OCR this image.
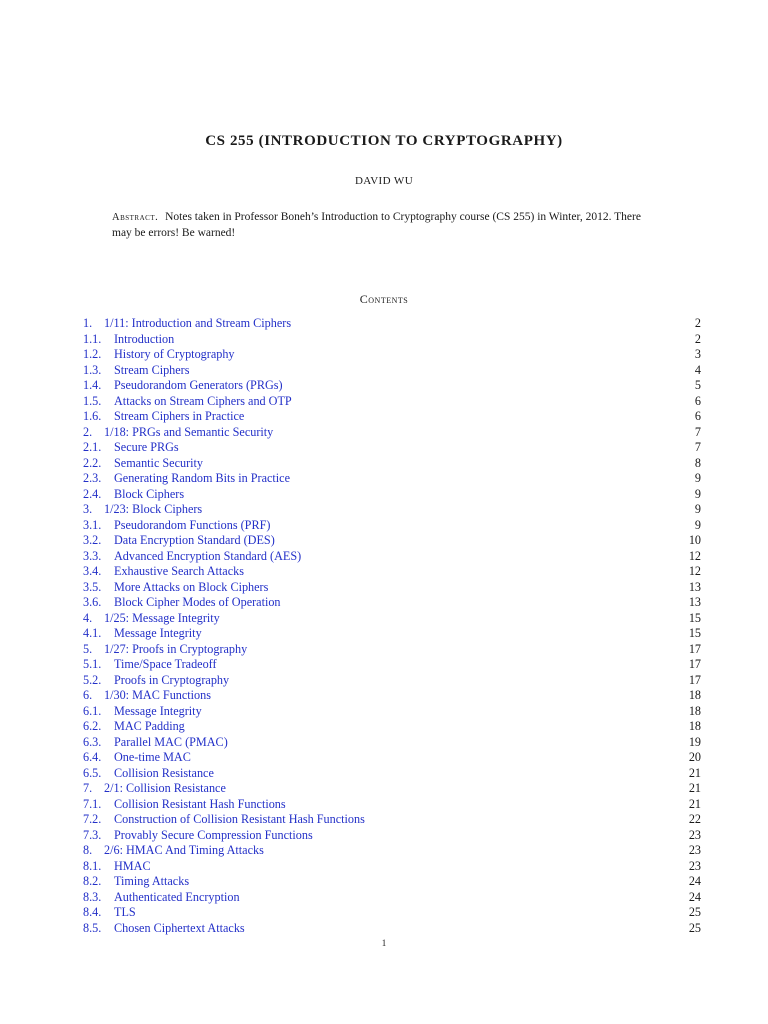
CS 255 (INTRODUCTION TO CRYPTOGRAPHY)
DAVID WU
Abstract. Notes taken in Professor Boneh’s Introduction to Cryptography course (CS 255) in Winter, 2012. There may be errors! Be warned!
Contents
1. 1/11: Introduction and Stream Ciphers	2
1.1. Introduction	2
1.2. History of Cryptography	3
1.3. Stream Ciphers	4
1.4. Pseudorandom Generators (PRGs)	5
1.5. Attacks on Stream Ciphers and OTP	6
1.6. Stream Ciphers in Practice	6
2. 1/18: PRGs and Semantic Security	7
2.1. Secure PRGs	7
2.2. Semantic Security	8
2.3. Generating Random Bits in Practice	9
2.4. Block Ciphers	9
3. 1/23: Block Ciphers	9
3.1. Pseudorandom Functions (PRF)	9
3.2. Data Encryption Standard (DES)	10
3.3. Advanced Encryption Standard (AES)	12
3.4. Exhaustive Search Attacks	12
3.5. More Attacks on Block Ciphers	13
3.6. Block Cipher Modes of Operation	13
4. 1/25: Message Integrity	15
4.1. Message Integrity	15
5. 1/27: Proofs in Cryptography	17
5.1. Time/Space Tradeoff	17
5.2. Proofs in Cryptography	17
6. 1/30: MAC Functions	18
6.1. Message Integrity	18
6.2. MAC Padding	18
6.3. Parallel MAC (PMAC)	19
6.4. One-time MAC	20
6.5. Collision Resistance	21
7. 2/1: Collision Resistance	21
7.1. Collision Resistant Hash Functions	21
7.2. Construction of Collision Resistant Hash Functions	22
7.3. Provably Secure Compression Functions	23
8. 2/6: HMAC And Timing Attacks	23
8.1. HMAC	23
8.2. Timing Attacks	24
8.3. Authenticated Encryption	24
8.4. TLS	25
8.5. Chosen Ciphertext Attacks	25
1
